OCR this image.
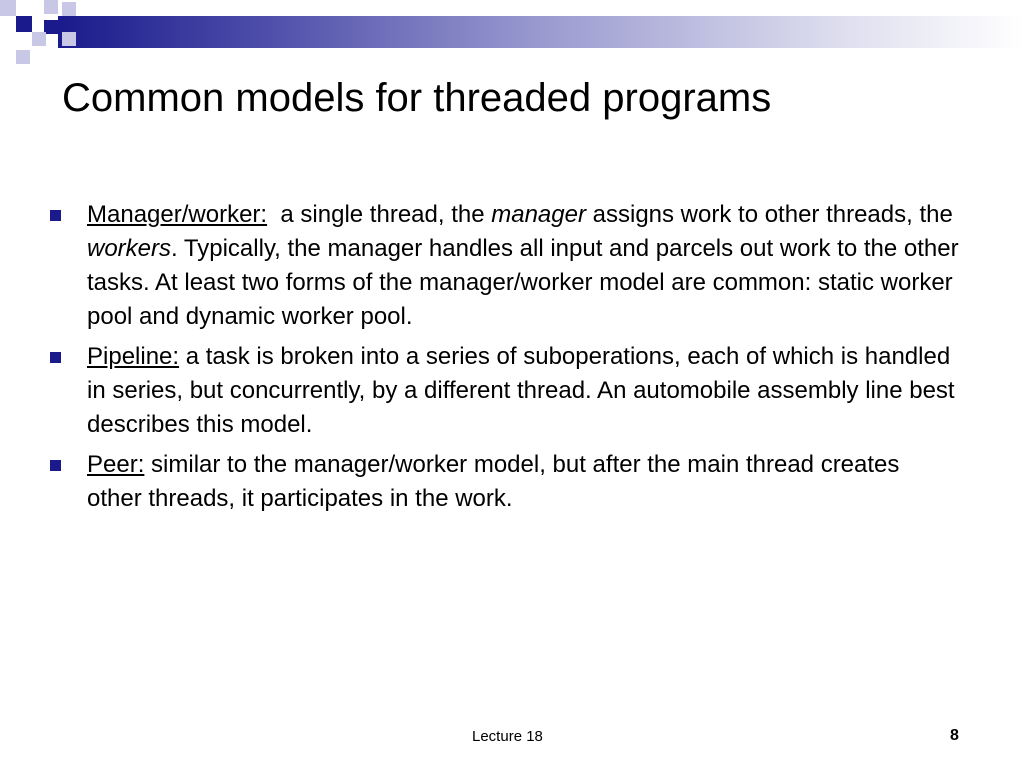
Common models for threaded programs
Manager/worker:  a single thread, the manager assigns work to other threads, the workers. Typically, the manager handles all input and parcels out work to the other tasks. At least two forms of the manager/worker model are common: static worker pool and dynamic worker pool.
Pipeline: a task is broken into a series of suboperations, each of which is handled in series, but concurrently, by a different thread. An automobile assembly line best describes this model.
Peer: similar to the manager/worker model, but after the main thread creates other threads, it participates in the work.
Lecture 18	8
